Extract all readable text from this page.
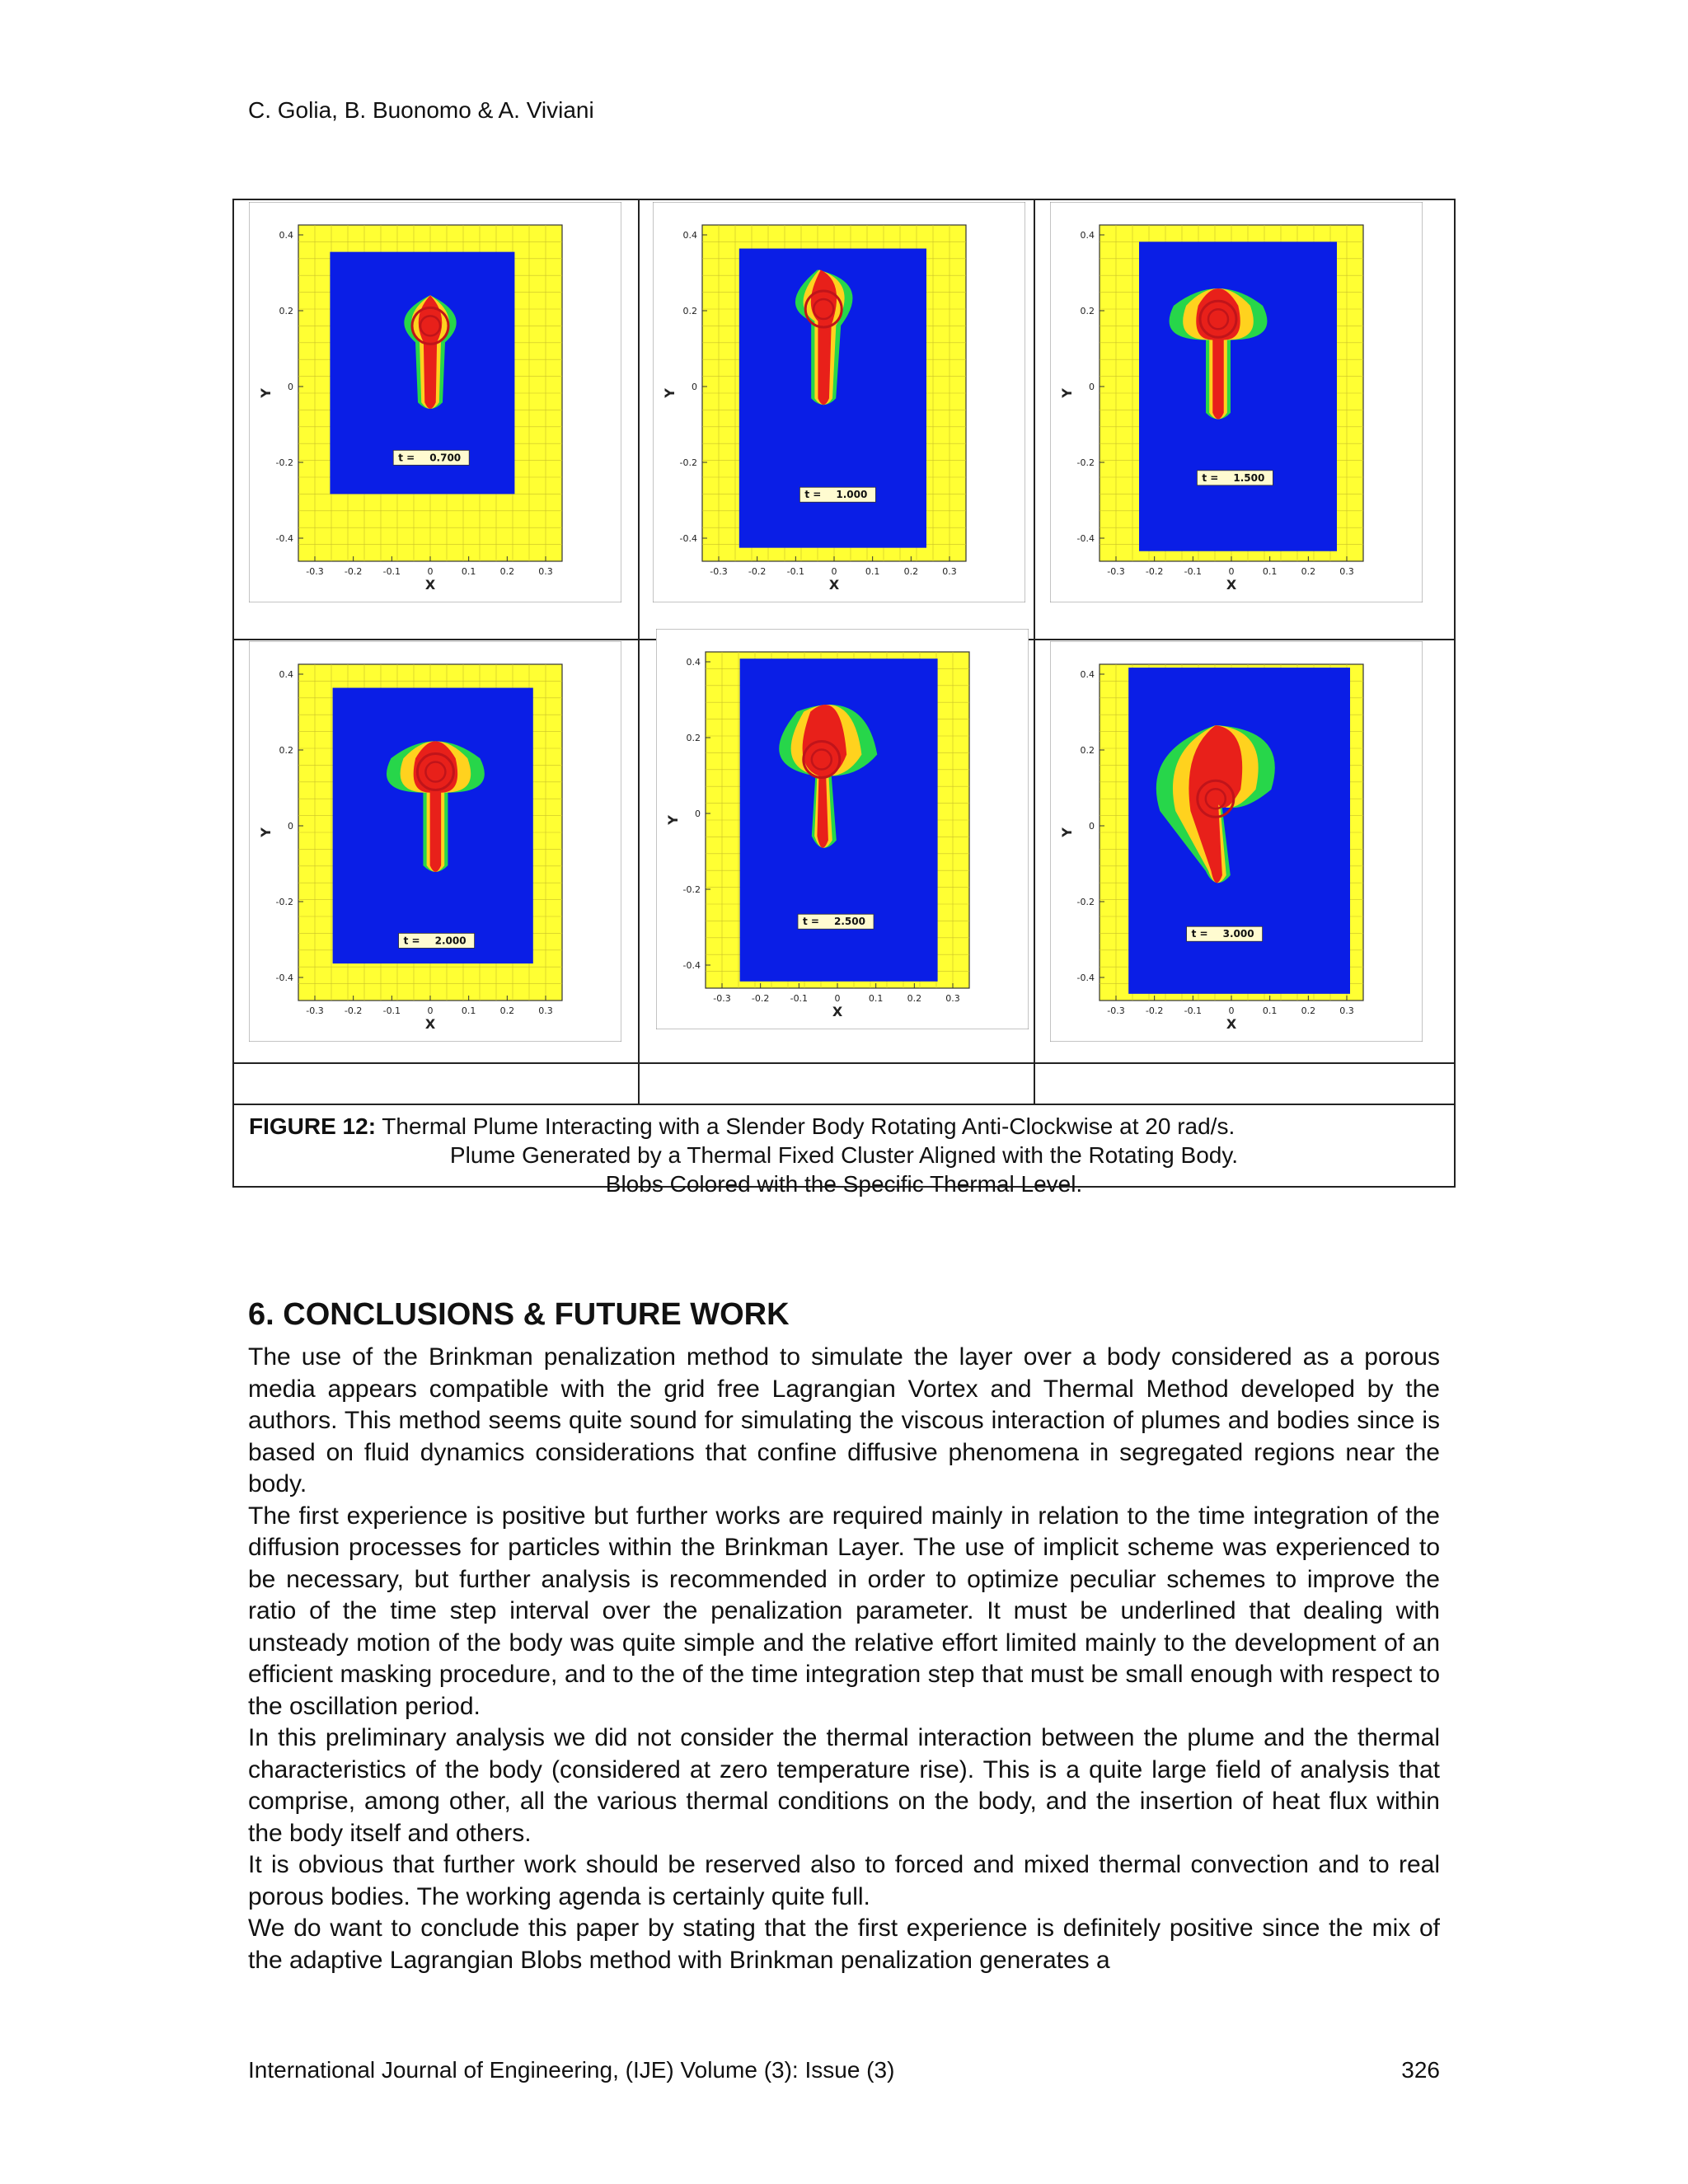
C. Golia, B. Buonomo & A. Viviani
t = 0.700
0.4
0.2
0
-0.2
-0.4
-0.3 -0.2 -0.1	0	0.1	0.2	0.3
X
Y
t = 1.000
0.4
0.2
0
-0.2
-0.4
-0.3 -0.2 -0.1	0	0.1	0.2	0.3
X
Y
t = 1.500
0.4
0.2
0
-0.2
-0.4
-0.3 -0.2 -0.1	0	0.1	0.2	0.3
X
Y
t = 2.000
0.4
0.2
0
-0.2
-0.4
-0.3 -0.2 -0.1	0	0.1	0.2	0.3
X
Y
t = 2.500
0.4
0.2
0
-0.2
-0.4
-0.3 -0.2 -0.1	0	0.1	0.2	0.3
X
Y
t = 3.000
0.4
0.2
0
-0.2
-0.4
-0.3 -0.2 -0.1	0	0.1	0.2	0.3
X
Y
FIGURE 12: Thermal Plume Interacting with a Slender Body Rotating Anti-Clockwise at 20 rad/s.
Plume Generated by a Thermal Fixed Cluster Aligned with the Rotating Body.
Blobs Colored with the Specific Thermal Level.
6. CONCLUSIONS & FUTURE WORK

The use of the Brinkman penalization method to simulate the layer over a body considered as a porous media appears compatible with the grid free Lagrangian Vortex and Thermal Method developed by the authors. This method seems quite sound for simulating the viscous interaction of plumes and bodies since is based on fluid dynamics considerations that confine diffusive phenomena in segregated regions near the body.

The first experience is positive but further works are required mainly in relation to the time integration of the diffusion processes for particles within the Brinkman Layer. The use of implicit scheme was experienced to be necessary, but further analysis is recommended in order to optimize peculiar schemes to improve the ratio of the time step interval over the penalization parameter. It must be underlined that dealing with unsteady motion of the body was quite simple and the relative effort limited mainly to the development of an efficient masking procedure, and to the of the time integration step that must be small enough with respect to the oscillation period.

In this preliminary analysis we did not consider the thermal interaction between the plume and the thermal characteristics of the body (considered at zero temperature rise). This is a quite large field of analysis that comprise, among other, all the various thermal conditions on the body, and the insertion of heat flux within the body itself and others.

It is obvious that further work should be reserved also to forced and mixed thermal convection and to real porous bodies. The working agenda is certainly quite full.

We do want to conclude this paper by stating that the first experience is definitely positive since the mix of the adaptive Lagrangian Blobs method with Brinkman penalization generates a

International Journal of Engineering, (IJE) Volume (3): Issue (3)	326
